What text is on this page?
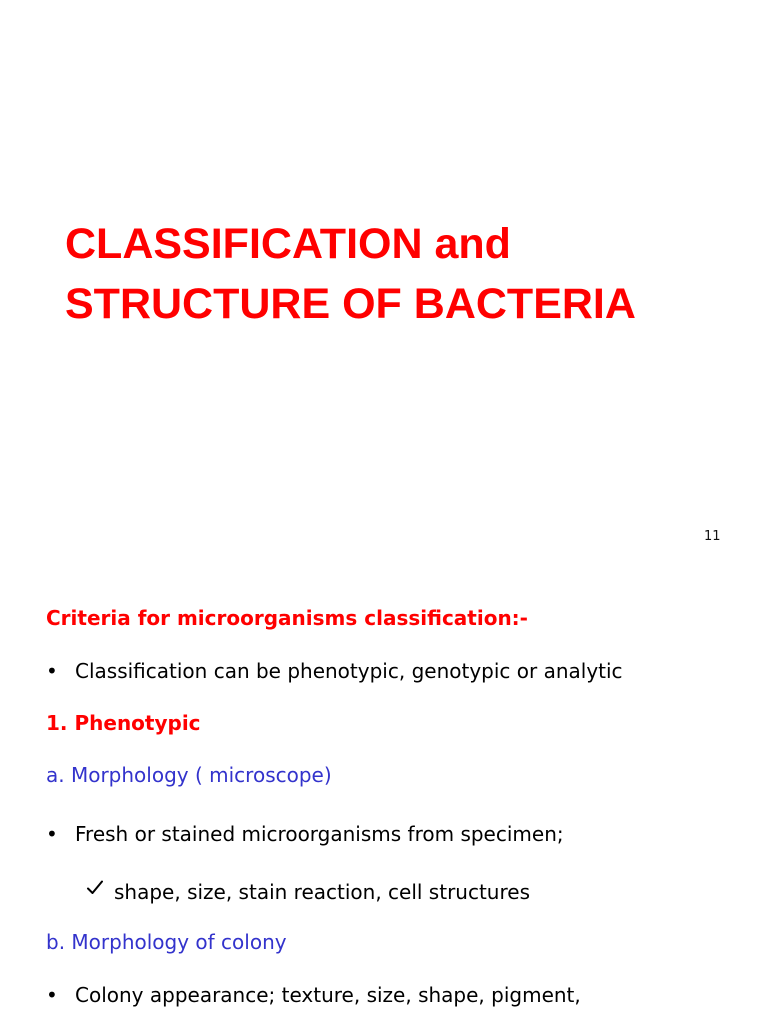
CLASSIFICATION and
STRUCTURE OF BACTERIA
11
Criteria for microorganisms classification:-
• Classification can be phenotypic, genotypic or analytic
1. Phenotypic
a. Morphology ( microscope)
• Fresh or stained microorganisms from specimen;
shape, size, stain reaction, cell structures
b. Morphology of colony
• Colony appearance; texture, size, shape, pigment,
